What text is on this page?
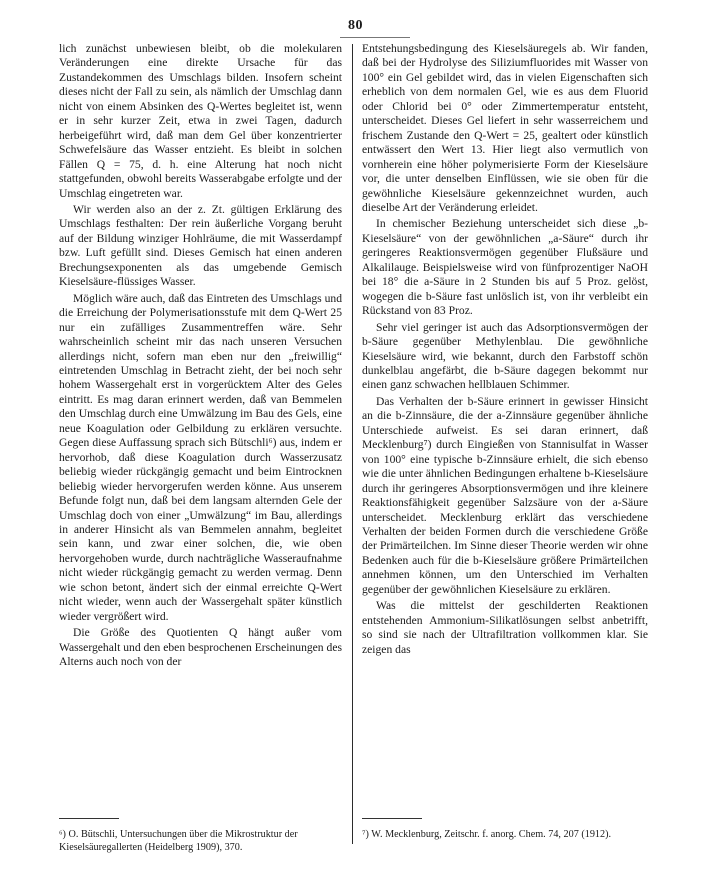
80

lich zunächst unbewiesen bleibt, ob die molekularen Veränderungen eine direkte Ursache für das Zustandekommen des Umschlags bilden. Insofern scheint dieses nicht der Fall zu sein, als nämlich der Umschlag dann nicht von einem Absinken des Q-Wertes begleitet ist, wenn er in sehr kurzer Zeit, etwa in zwei Tagen, dadurch herbeigeführt wird, daß man dem Gel über konzentrierter Schwefelsäure das Wasser entzieht. Es bleibt in solchen Fällen Q = 75, d. h. eine Alterung hat noch nicht stattgefunden, obwohl bereits Wasserabgabe erfolgte und der Umschlag eingetreten war.

Wir werden also an der z. Zt. gültigen Erklärung des Umschlags festhalten: Der rein äußerliche Vorgang beruht auf der Bildung winziger Hohlräume, die mit Wasserdampf bzw. Luft gefüllt sind. Dieses Gemisch hat einen anderen Brechungsexponenten als das umgebende Gemisch Kieselsäure-flüssiges Wasser.

Möglich wäre auch, daß das Eintreten des Umschlags und die Erreichung der Polymerisationsstufe mit dem Q-Wert 25 nur ein zufälliges Zusammentreffen wäre. Sehr wahrscheinlich scheint mir das nach unseren Versuchen allerdings nicht, sofern man eben nur den „freiwillig“ eintretenden Umschlag in Betracht zieht, der bei noch sehr hohem Wassergehalt erst in vorgerücktem Alter des Geles eintritt. Es mag daran erinnert werden, daß van Bemmelen den Umschlag durch eine Umwälzung im Bau des Gels, eine neue Koagulation oder Gelbildung zu erklären versuchte. Gegen diese Auffassung sprach sich Bütschli⁶) aus, indem er hervorhob, daß diese Koagulation durch Wasserzusatz beliebig wieder rückgängig gemacht und beim Eintrocknen beliebig wieder hervorgerufen werden könne. Aus unserem Befunde folgt nun, daß bei dem langsam alternden Gele der Umschlag doch von einer „Umwälzung“ im Bau, allerdings in anderer Hinsicht als van Bemmelen annahm, begleitet sein kann, und zwar einer solchen, die, wie oben hervorgehoben wurde, durch nachträgliche Wasseraufnahme nicht wieder rückgängig gemacht zu werden vermag. Denn wie schon betont, ändert sich der einmal erreichte Q-Wert nicht wieder, wenn auch der Wassergehalt später künstlich wieder vergrößert wird.

Die Größe des Quotienten Q hängt außer vom Wassergehalt und den eben besprochenen Erscheinungen des Alterns auch noch von der

Entstehungsbedingung des Kieselsäuregels ab. Wir fanden, daß bei der Hydrolyse des Siliziumfluorides mit Wasser von 100° ein Gel gebildet wird, das in vielen Eigenschaften sich erheblich von dem normalen Gel, wie es aus dem Fluorid oder Chlorid bei 0° oder Zimmertemperatur entsteht, unterscheidet. Dieses Gel liefert in sehr wasserreichem und frischem Zustande den Q-Wert = 25, gealtert oder künstlich entwässert den Wert 13. Hier liegt also vermutlich von vornherein eine höher polymerisierte Form der Kieselsäure vor, die unter denselben Einflüssen, wie sie oben für die gewöhnliche Kieselsäure gekennzeichnet wurden, auch dieselbe Art der Veränderung erleidet.

In chemischer Beziehung unterscheidet sich diese „b-Kieselsäure“ von der gewöhnlichen „a-Säure“ durch ihr geringeres Reaktionsvermögen gegenüber Flußsäure und Alkalilauge. Beispielsweise wird von fünfprozentiger NaOH bei 18° die a-Säure in 2 Stunden bis auf 5 Proz. gelöst, wogegen die b-Säure fast unlöslich ist, von ihr verbleibt ein Rückstand von 83 Proz.

Sehr viel geringer ist auch das Adsorptionsvermögen der b-Säure gegenüber Methylenblau. Die gewöhnliche Kieselsäure wird, wie bekannt, durch den Farbstoff schön dunkelblau angefärbt, die b-Säure dagegen bekommt nur einen ganz schwachen hellblauen Schimmer.

Das Verhalten der b-Säure erinnert in gewisser Hinsicht an die b-Zinnsäure, die der a-Zinnsäure gegenüber ähnliche Unterschiede aufweist. Es sei daran erinnert, daß Mecklenburg⁷) durch Eingießen von Stannisulfat in Wasser von 100° eine typische b-Zinnsäure erhielt, die sich ebenso wie die unter ähnlichen Bedingungen erhaltene b-Kieselsäure durch ihr geringeres Absorptionsvermögen und ihre kleinere Reaktionsfähigkeit gegenüber Salzsäure von der a-Säure unterscheidet. Mecklenburg erklärt das verschiedene Verhalten der beiden Formen durch die verschiedene Größe der Primärteilchen. Im Sinne dieser Theorie werden wir ohne Bedenken auch für die b-Kieselsäure größere Primärteilchen annehmen können, um den Unterschied im Verhalten gegenüber der gewöhnlichen Kieselsäure zu erklären.

Was die mittelst der geschilderten Reaktionen entstehenden Ammonium-Silikatlösungen selbst anbetrifft, so sind sie nach der Ultrafiltration vollkommen klar. Sie zeigen das

⁶) O. Bütschli, Untersuchungen über die Mikrostruktur der Kieselsäuregallerten (Heidelberg 1909), 370.
⁷) W. Mecklenburg, Zeitschr. f. anorg. Chem. 74, 207 (1912).
